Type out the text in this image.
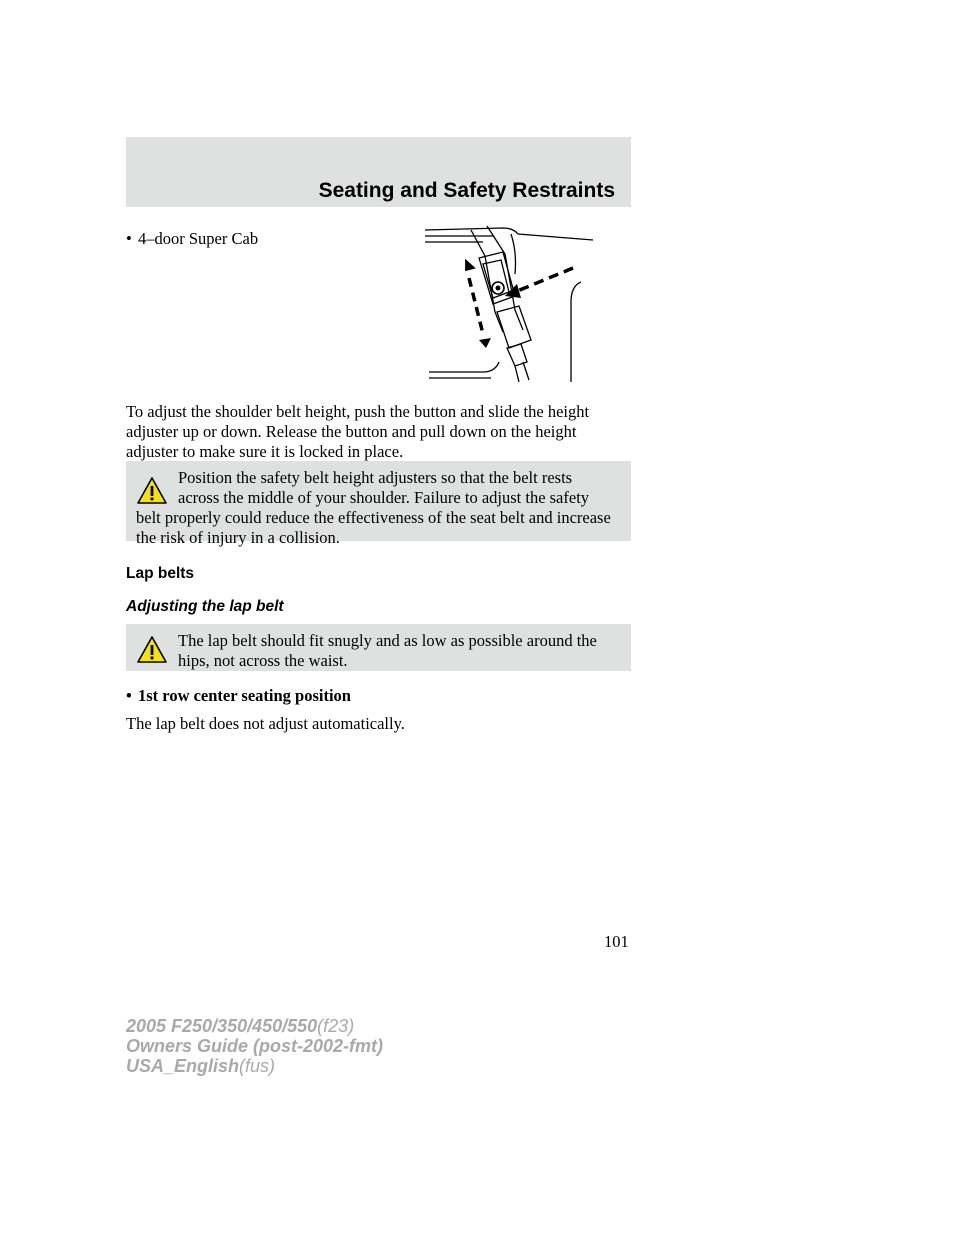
Seating and Safety Restraints
• 4–door Super Cab
To adjust the shoulder belt height, push the button and slide the height adjuster up or down. Release the button and pull down on the height adjuster to make sure it is locked in place.
Position the safety belt height adjusters so that the belt rests
across the middle of your shoulder. Failure to adjust the safety
belt properly could reduce the effectiveness of the seat belt and increase the risk of injury in a collision.
Lap belts
Adjusting the lap belt
The lap belt should fit snugly and as low as possible around the
hips, not across the waist.
• 1st row center seating position
The lap belt does not adjust automatically.
101
2005 F250/350/450/550(f23)
Owners Guide (post-2002-fmt)
USA_English(fus)
